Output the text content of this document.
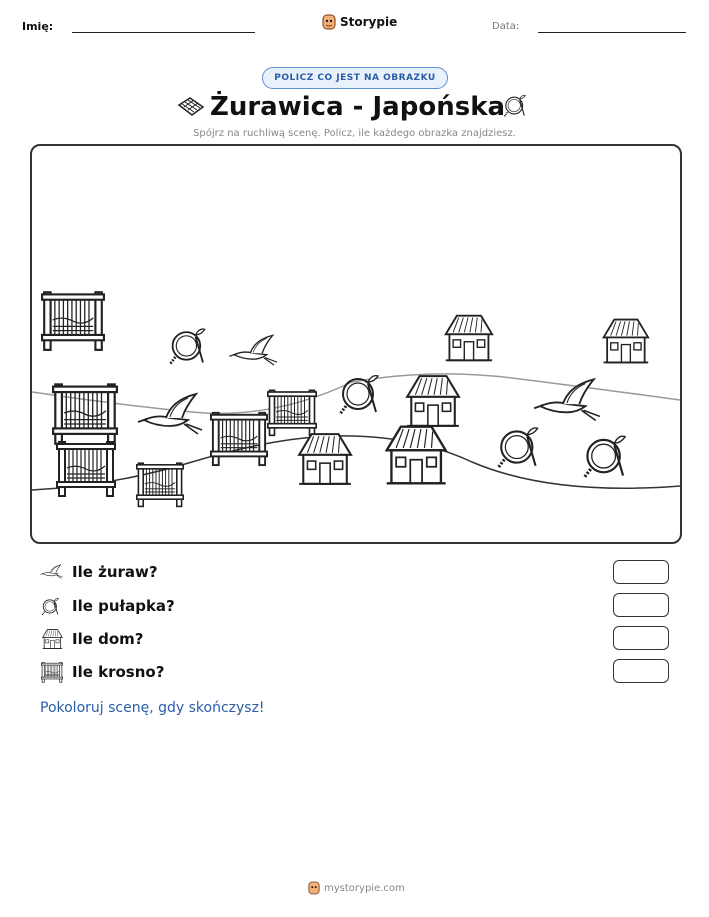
Imię:	Storypie	Data:
POLICZ CO JEST NA OBRAZKU
Żurawica - Japońska
Spójrz na ruchliwą scenę. Policz, ile każdego obrazka znajdziesz.
Ile żuraw?
Ile pułapka?
Ile dom?
Ile krosno?
Pokoloruj scenę, gdy skończysz!
mystorypie.com
